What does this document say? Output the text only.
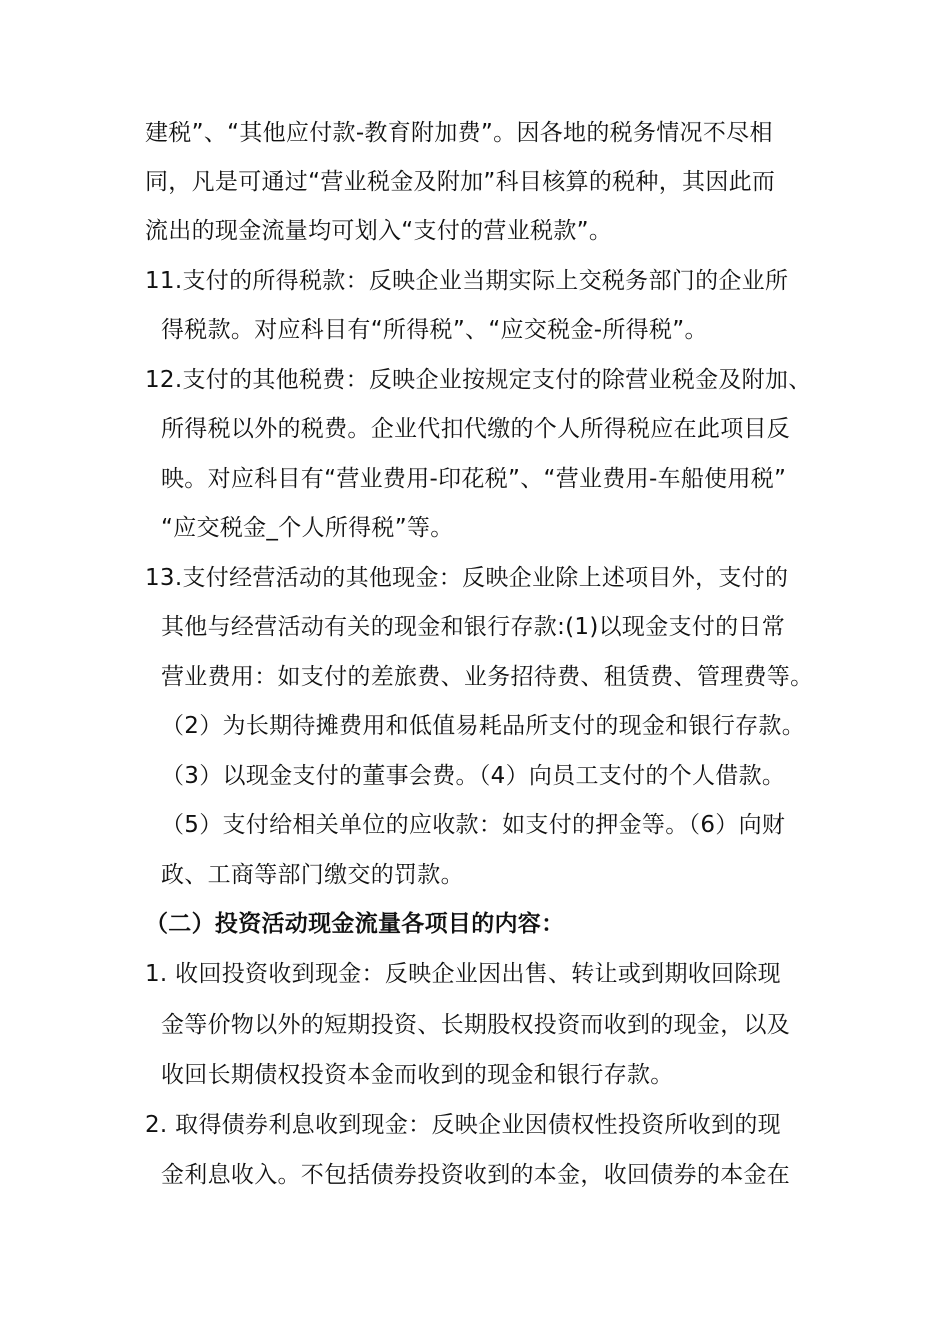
建税”、“其他应付款-教育附加费”。因各地的税务情况不尽相
同，凡是可通过“营业税金及附加”科目核算的税种，其因此而
流出的现金流量均可划入“支付的营业税款”。
11.支付的所得税款：反映企业当期实际上交税务部门的企业所
得税款。对应科目有“所得税”、“应交税金-所得税”。
12.支付的其他税费：反映企业按规定支付的除营业税金及附加、
所得税以外的税费。企业代扣代缴的个人所得税应在此项目反
映。对应科目有“营业费用-印花税”、“营业费用-车船使用税”
“应交税金_个人所得税”等。
13.支付经营活动的其他现金：反映企业除上述项目外，支付的
其他与经营活动有关的现金和银行存款:(1)以现金支付的日常
营业费用：如支付的差旅费、业务招待费、租赁费、管理费等。
（2）为长期待摊费用和低值易耗品所支付的现金和银行存款。
（3）以现金支付的董事会费。（4）向员工支付的个人借款。
（5）支付给相关单位的应收款：如支付的押金等。（6）向财
政、工商等部门缴交的罚款。
（二）投资活动现金流量各项目的内容：
1. 收回投资收到现金：反映企业因出售、转让或到期收回除现
金等价物以外的短期投资、长期股权投资而收到的现金，以及
收回长期债权投资本金而收到的现金和银行存款。
2. 取得债券利息收到现金：反映企业因债权性投资所收到的现
金利息收入。不包括债券投资收到的本金，收回债券的本金在
